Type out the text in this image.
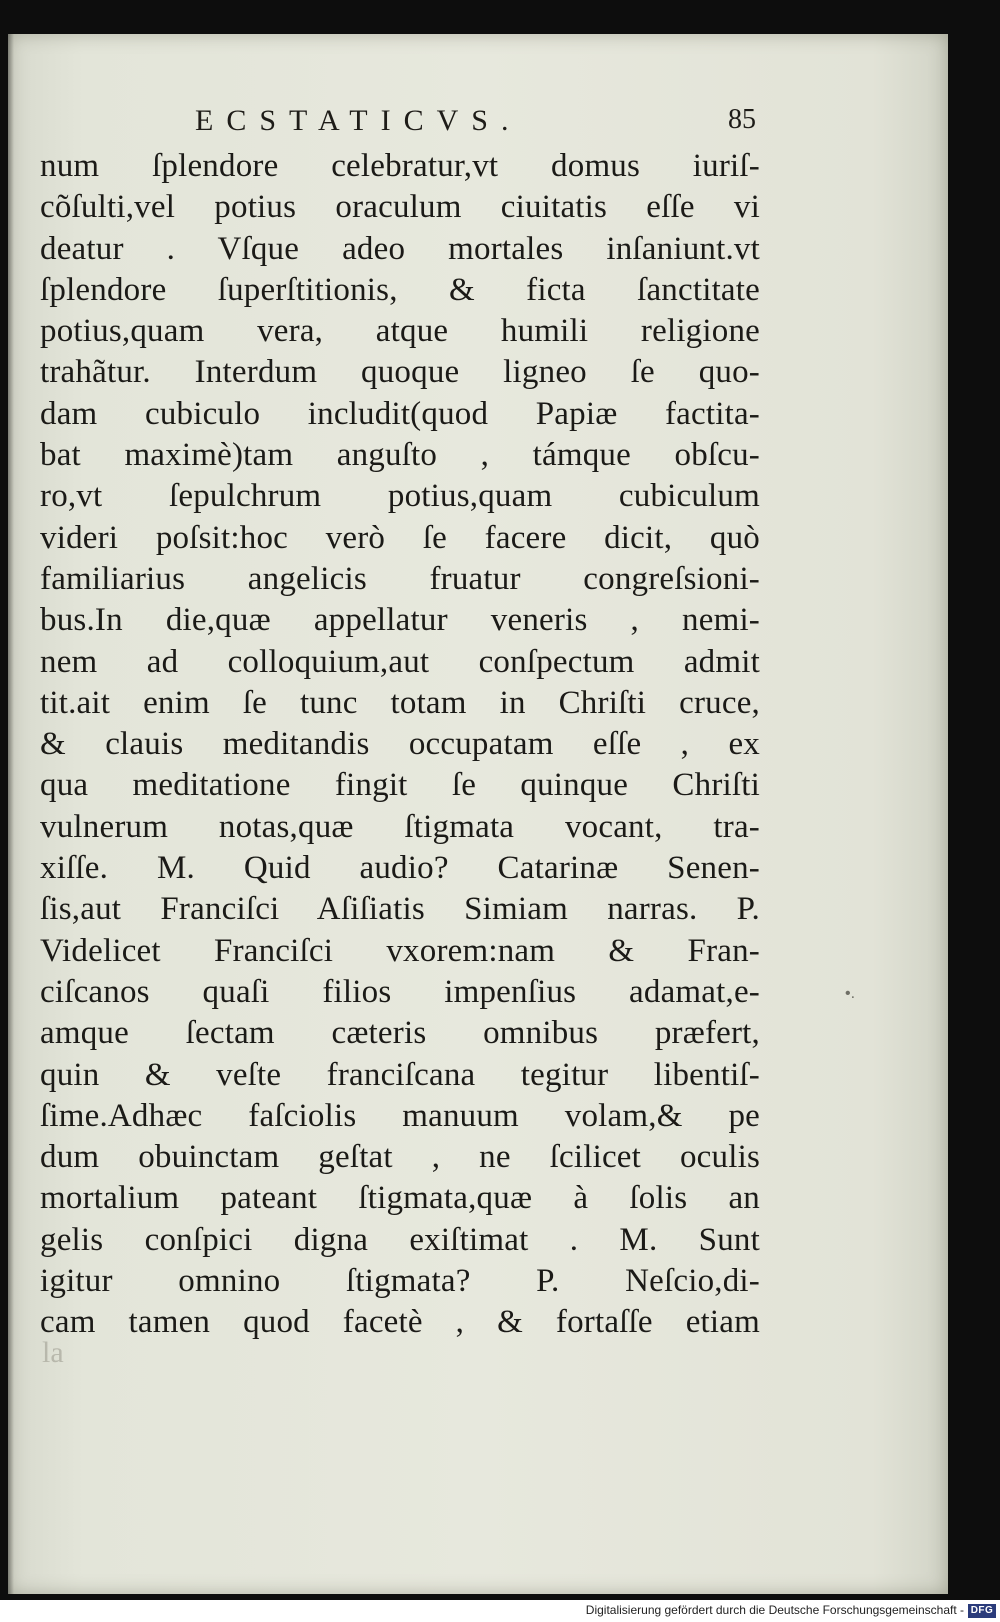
ECSTATICVS.	85
num ſplendore celebratur,vt domus iuriſ-
cõſulti,vel potius oraculum ciuitatis eſſe vi
deatur . Vſque adeo mortales inſaniunt.vt
ſplendore ſuperſtitionis, & ficta ſanctitate
potius,quam vera, atque humili religione
trahãtur. Interdum quoque ligneo ſe quo-
dam cubiculo includit(quod Papiæ factita-
bat maximè)tam anguſto , támque obſcu-
ro,vt ſepulchrum potius,quam cubiculum
videri poſsit:hoc verò ſe facere dicit, quò
familiarius angelicis fruatur congreſsioni-
bus.In die,quæ appellatur veneris , nemi-
nem ad colloquium,aut conſpectum admit
tit.ait enim ſe tunc totam in Chriſti cruce,
& clauis meditandis occupatam eſſe , ex
qua meditatione fingit ſe quinque Chriſti
vulnerum notas,quæ ſtigmata vocant, tra-
xiſſe. M. Quid audio? Catarinæ Senen-
ſis,aut Franciſci Aſiſiatis Simiam narras. P.
Videlicet Franciſci vxorem:nam & Fran-
ciſcanos quaſi filios impenſius adamat,e-
amque ſectam cæteris omnibus præfert,
quin & veſte franciſcana tegitur libentiſ-
ſime.Adhæc faſciolis manuum volam,& pe
dum obuinctam geſtat , ne ſcilicet oculis
mortalium pateant ſtigmata,quæ à ſolis an
gelis conſpici digna exiſtimat . M. Sunt
igitur omnino ſtigmata? P. Neſcio,di-
cam tamen quod facetè , & fortaſſe etiam
la
•.
Digitalisierung gefördert durch die Deutsche Forschungsgemeinschaft - DFG
